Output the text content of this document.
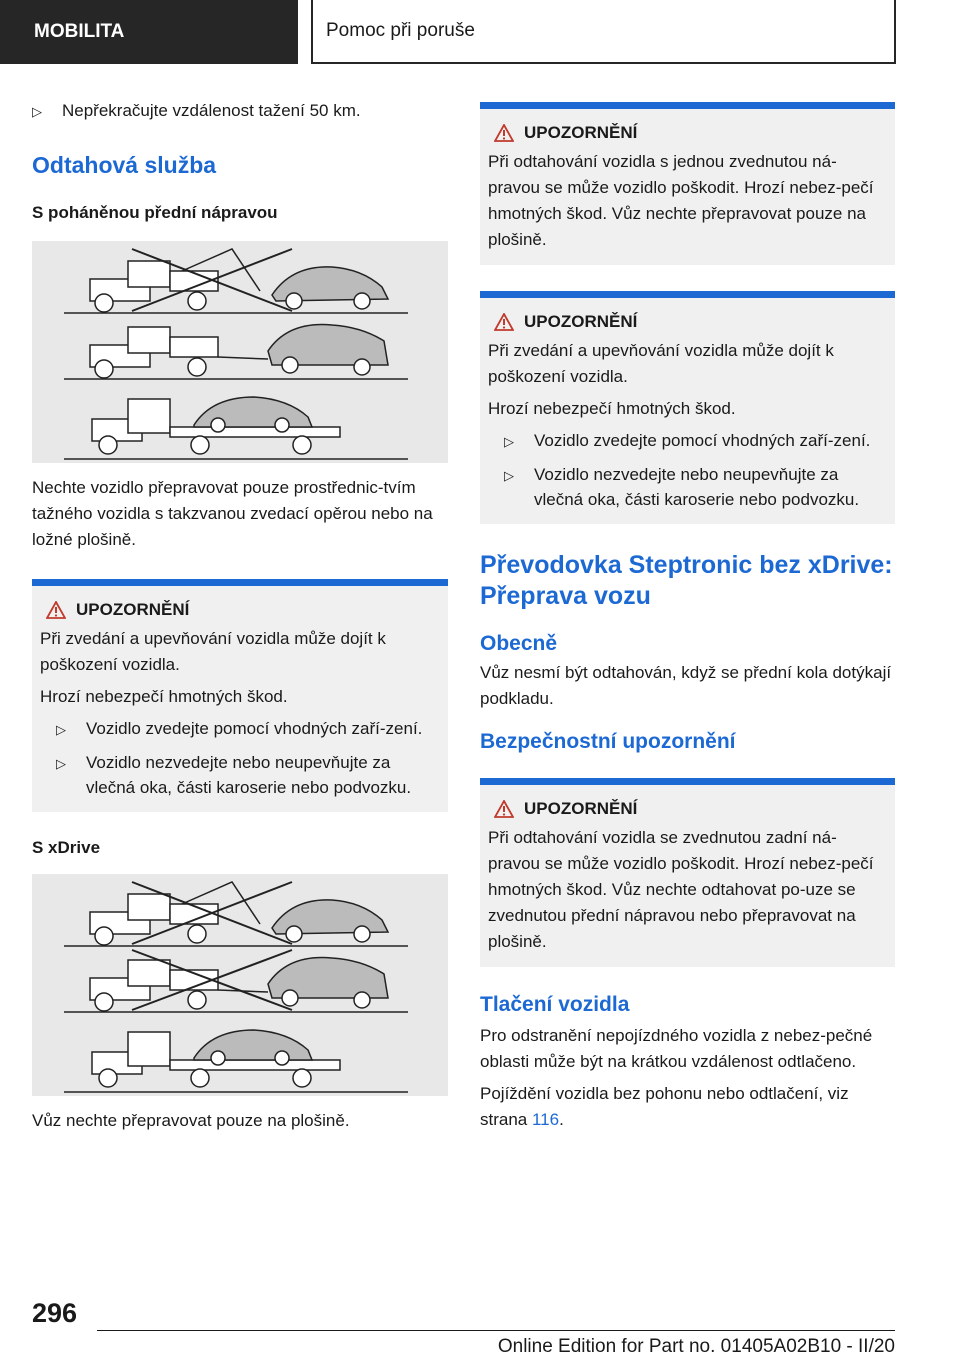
MOBILITA	Pomoc při poruše
▷	Nepřekračujte vzdálenost tažení 50 km.
Odtahová služba
S poháněnou přední nápravou

Nechte vozidlo přepravovat pouze prostřednic‐tvím tažného vozidla s takzvanou zvedací opěrou nebo na ložné plošině.

UPOZORNĚNÍ

Při zvedání a upevňování vozidla může dojít k poškození vozidla.

Hrozí nebezpečí hmotných škod.

▷	Vozidlo zvedejte pomocí vhodných zaří‐zení.
▷	Vozidlo nezvedejte nebo neupevňujte za vlečná oka, části karoserie nebo podvozku.
S xDrive

Vůz nechte přepravovat pouze na plošině.

UPOZORNĚNÍ

Při odtahování vozidla s jednou zvednutou ná‐pravou se může vozidlo poškodit. Hrozí nebez‐pečí hmotných škod. Vůz nechte přepravovat pouze na plošině.

UPOZORNĚNÍ

Při zvedání a upevňování vozidla může dojít k poškození vozidla.

Hrozí nebezpečí hmotných škod.

▷	Vozidlo zvedejte pomocí vhodných zaří‐zení.
▷	Vozidlo nezvedejte nebo neupevňujte za vlečná oka, části karoserie nebo podvozku.
Převodovka Steptronic bez xDrive: Přeprava vozu
Obecně

Vůz nesmí být odtahován, když se přední kola dotýkají podkladu.

Bezpečnostní upozornění
UPOZORNĚNÍ

Při odtahování vozidla se zvednutou zadní ná‐pravou se může vozidlo poškodit. Hrozí nebez‐pečí hmotných škod. Vůz nechte odtahovat po‐uze se zvednutou přední nápravou nebo přepravovat na plošině.

Tlačení vozidla

Pro odstranění nepojízdného vozidla z nebez‐pečné oblasti může být na krátkou vzdálenost odtlačeno.

Pojíždění vozidla bez pohonu nebo odtlačení, viz strana 116.

296
Online Edition for Part no. 01405A02B10 - II/20
